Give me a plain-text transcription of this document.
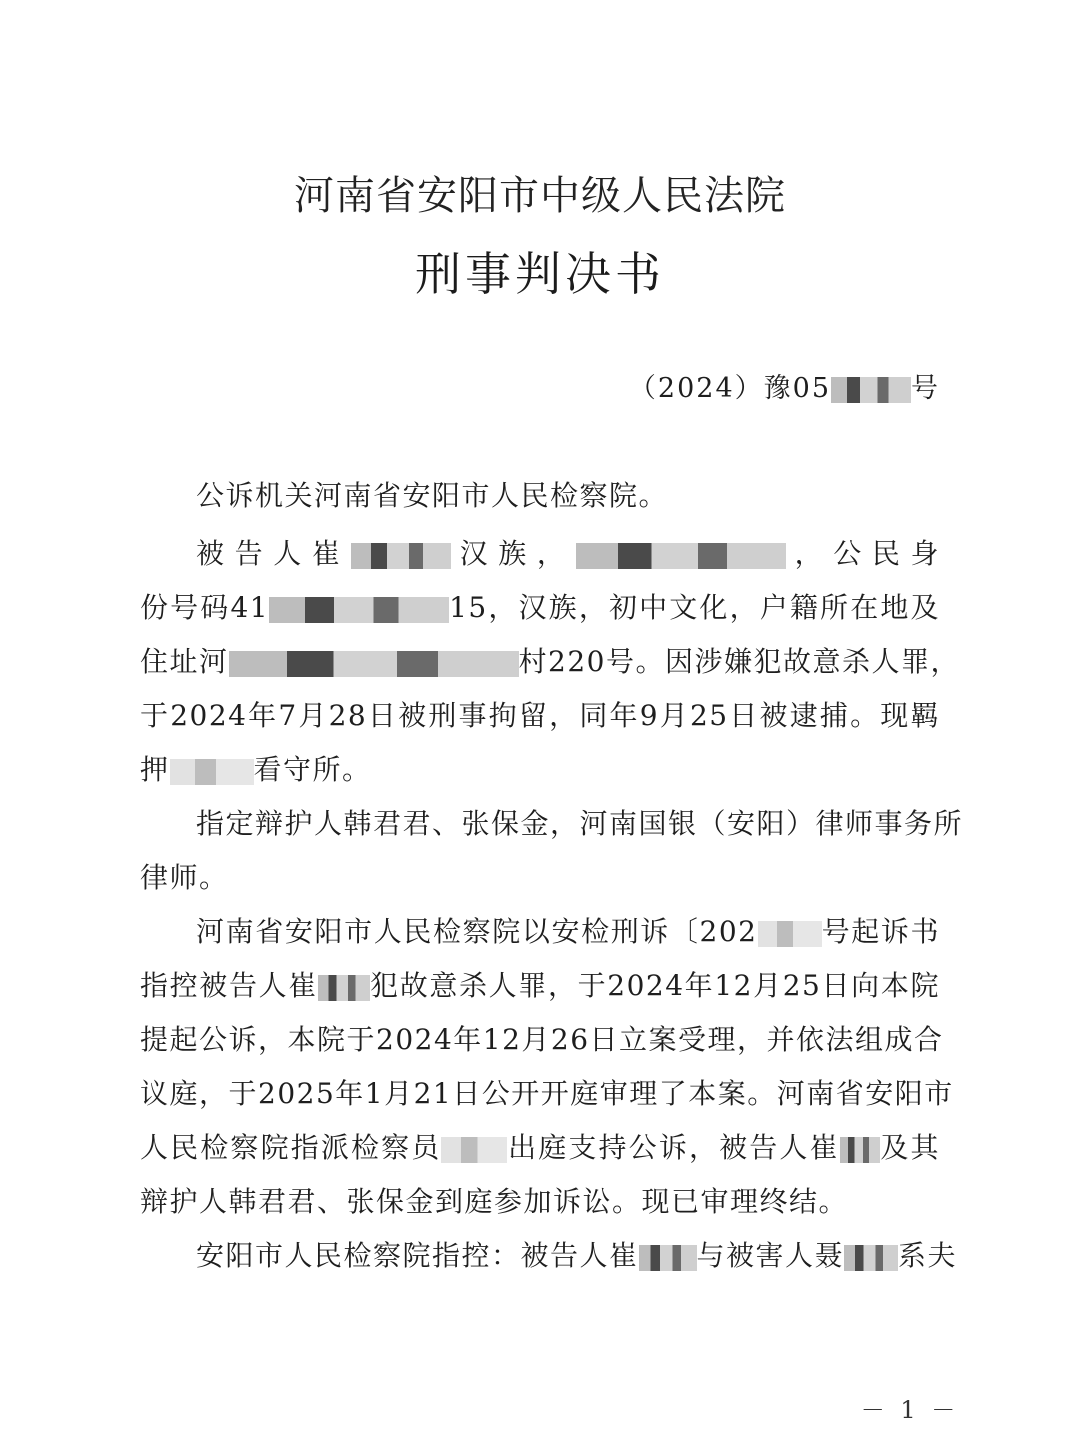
河南省安阳市中级人民法院
刑事判决书
（2024）豫05	号
公诉机关河南省安阳市人民检察院。
被告人崔	汉族，	，公民身
份号码41	15，汉族，初中文化，户籍所在地及
住址河	村220号。因涉嫌犯故意杀人罪，
于2024年7月28日被刑事拘留，同年9月25日被逮捕。现羁
押	看守所。
指定辩护人韩君君、张保金，河南国银（安阳）律师事务所
律师。
河南省安阳市人民检察院以安检刑诉〔202 号起诉书
指控被告人崔 犯故意杀人罪，于2024年12月25日向本院
提起公诉，本院于2024年12月26日立案受理，并依法组成合
议庭，于2025年1月21日公开开庭审理了本案。河南省安阳市
人民检察院指派检察员 出庭支持公诉，被告人崔 及其
辩护人韩君君、张保金到庭参加诉讼。现已审理终结。
安阳市人民检察院指控：被告人崔 与被害人聂 系夫
－ 1 －
